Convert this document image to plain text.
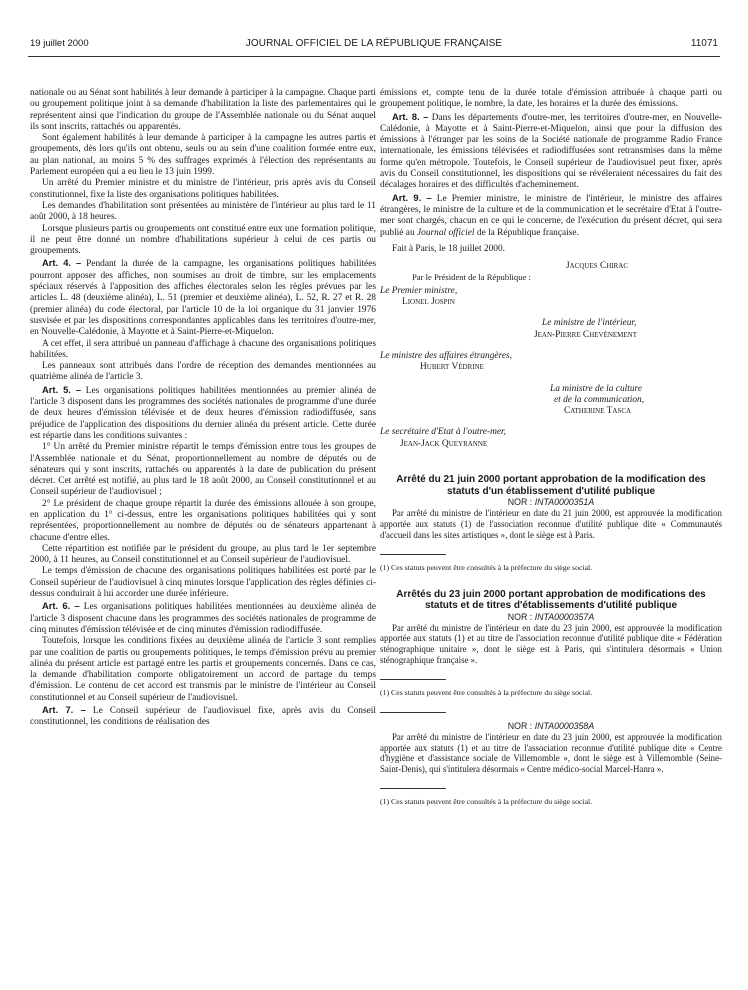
19 juillet 2000	JOURNAL OFFICIEL DE LA RÉPUBLIQUE FRANÇAISE	11071

nationale ou au Sénat sont habilités à leur demande à participer à la campagne. Chaque parti ou groupement politique joint à sa demande d'habilitation la liste des parlementaires qui le représentent ainsi que l'indication du groupe de l'Assemblée nationale ou du Sénat auquel ils sont inscrits, rattachés ou apparentés.

Sont également habilités à leur demande à participer à la campagne les autres partis et groupements, dès lors qu'ils ont obtenu, seuls ou au sein d'une coalition formée entre eux, au plan national, au moins 5 % des suffrages exprimés à l'élection des représentants au Parlement européen qui a eu lieu le 13 juin 1999.

Un arrêté du Premier ministre et du ministre de l'intérieur, pris après avis du Conseil constitutionnel, fixe la liste des organisations politiques habilitées.

Les demandes d'habilitation sont présentées au ministère de l'intérieur au plus tard le 11 août 2000, à 18 heures.

Lorsque plusieurs partis ou groupements ont constitué entre eux une formation politique, il ne peut être donné un nombre d'habilitations supérieur à celui de ces partis ou groupements.

Art. 4. – Pendant la durée de la campagne, les organisations politiques habilitées pourront apposer des affiches, non soumises au droit de timbre, sur les emplacements spéciaux réservés à l'apposition des affiches électorales selon les règles prévues par les articles L. 48 (deuxième alinéa), L. 51 (premier et deuxième alinéa), L. 52, R. 27 et R. 28 (premier alinéa) du code électoral, par l'article 10 de la loi organique du 31 janvier 1976 susvisée et par les dispositions correspondantes applicables dans les territoires d'outre-mer, en Nouvelle-Calédonie, à Mayotte et à Saint-Pierre-et-Miquelon.

A cet effet, il sera attribué un panneau d'affichage à chacune des organisations politiques habilitées.

Les panneaux sont attribués dans l'ordre de réception des demandes mentionnées au quatrième alinéa de l'article 3.

Art. 5. – Les organisations politiques habilitées mentionnées au premier alinéa de l'article 3 disposent dans les programmes des sociétés nationales de programme d'une durée de deux heures d'émission télévisée et de deux heures d'émission radiodiffusée, sans préjudice de l'application des dispositions du dernier alinéa du présent article. Cette durée est répartie dans les conditions suivantes :

1° Un arrêté du Premier ministre répartit le temps d'émission entre tous les groupes de l'Assemblée nationale et du Sénat, proportionnellement au nombre de députés ou de sénateurs qui y sont inscrits, rattachés ou apparentés à la date de publication du présent décret. Cet arrêté est notifié, au plus tard le 18 août 2000, au Conseil constitutionnel et au Conseil supérieur de l'audiovisuel ;

2° Le président de chaque groupe répartit la durée des émissions allouée à son groupe, en application du 1° ci-dessus, entre les organisations politiques habilitées qui y sont représentées, proportionnellement au nombre de députés ou de sénateurs appartenant à chacune d'entre elles.

Cette répartition est notifiée par le président du groupe, au plus tard le 1er septembre 2000, à 11 heures, au Conseil constitutionnel et au Conseil supérieur de l'audiovisuel.

Le temps d'émission de chacune des organisations politiques habilitées est porté par le Conseil supérieur de l'audiovisuel à cinq minutes lorsque l'application des règles définies ci-dessus conduirait à lui accorder une durée inférieure.

Art. 6. – Les organisations politiques habilitées mentionnées au deuxième alinéa de l'article 3 disposent chacune dans les programmes des sociétés nationales de programme de cinq minutes d'émission télévisée et de cinq minutes d'émission radiodiffusée.

Toutefois, lorsque les conditions fixées au deuxième alinéa de l'article 3 sont remplies par une coalition de partis ou groupements politiques, le temps d'émission prévu au premier alinéa du présent article est partagé entre les partis et groupements concernés. Dans ce cas, la demande d'habilitation comporte obligatoirement un accord de partage du temps d'émission. Le contenu de cet accord est transmis par le ministre de l'intérieur au Conseil constitutionnel et au Conseil supérieur de l'audiovisuel.

Art. 7. – Le Conseil supérieur de l'audiovisuel fixe, après avis du Conseil constitutionnel, les conditions de réalisation des

émissions et, compte tenu de la durée totale d'émission attribuée à chaque parti ou groupement politique, le nombre, la date, les horaires et la durée des émissions.

Art. 8. – Dans les départements d'outre-mer, les territoires d'outre-mer, en Nouvelle-Calédonie, à Mayotte et à Saint-Pierre-et-Miquelon, ainsi que pour la diffusion des émissions à l'étranger par les soins de la Société nationale de programme Radio France internationale, les émissions télévisées et radiodiffusées sont retransmises dans la même forme qu'en métropole. Toutefois, le Conseil supérieur de l'audiovisuel peut fixer, après avis du Conseil constitutionnel, les dispositions qui se révéleraient nécessaires du fait des décalages horaires et des difficultés d'acheminement.

Art. 9. – Le Premier ministre, le ministre de l'intérieur, le ministre des affaires étrangères, le ministre de la culture et de la communication et le secrétaire d'Etat à l'outre-mer sont chargés, chacun en ce qui le concerne, de l'exécution du présent décret, qui sera publié au Journal officiel de la République française.

Fait à Paris, le 18 juillet 2000.

Jacques Chirac
Par le Président de la République :
Le Premier ministre,
Lionel Jospin
Le ministre de l'intérieur,
Jean-Pierre Chevènement
Le ministre des affaires étrangères,
Hubert Védrine
La ministre de la culture
et de la communication,
Catherine Tasca
Le secrétaire d'Etat à l'outre-mer,
Jean-Jack Queyranne

Arrêté du 21 juin 2000 portant approbation de la modification des statuts d'un établissement d'utilité publique

NOR : INTA0000351A

Par arrêté du ministre de l'intérieur en date du 21 juin 2000, est approuvée la modification apportée aux statuts (1) de l'association reconnue d'utilité publique dite « Communautés d'accueil dans les sites artistiques », dont le siège est à Paris.

(1) Ces statuts peuvent être consultés à la préfecture du siège social.

Arrêtés du 23 juin 2000 portant approbation de modifications des statuts et de titres d'établissements d'utilité publique

NOR : INTA0000357A

Par arrêté du ministre de l'intérieur en date du 23 juin 2000, est approuvée la modification apportée aux statuts (1) et au titre de l'association reconnue d'utilité publique dite « Fédération sténographique unitaire », dont le siège est à Paris, qui s'intitulera désormais « Union sténographique française ».

(1) Ces statuts peuvent être consultés à la préfecture du siège social.

NOR : INTA0000358A

Par arrêté du ministre de l'intérieur en date du 23 juin 2000, est approuvée la modification apportée aux statuts (1) et au titre de l'association reconnue d'utilité publique dite « Centre d'hygiène et d'assistance sociale de Villemomble », dont le siège est à Villemomble (Seine-Saint-Denis), qui s'intitulera désormais « Centre médico-social Marcel-Hanra ».

(1) Ces statuts peuvent être consultés à la préfecture du siège social.
